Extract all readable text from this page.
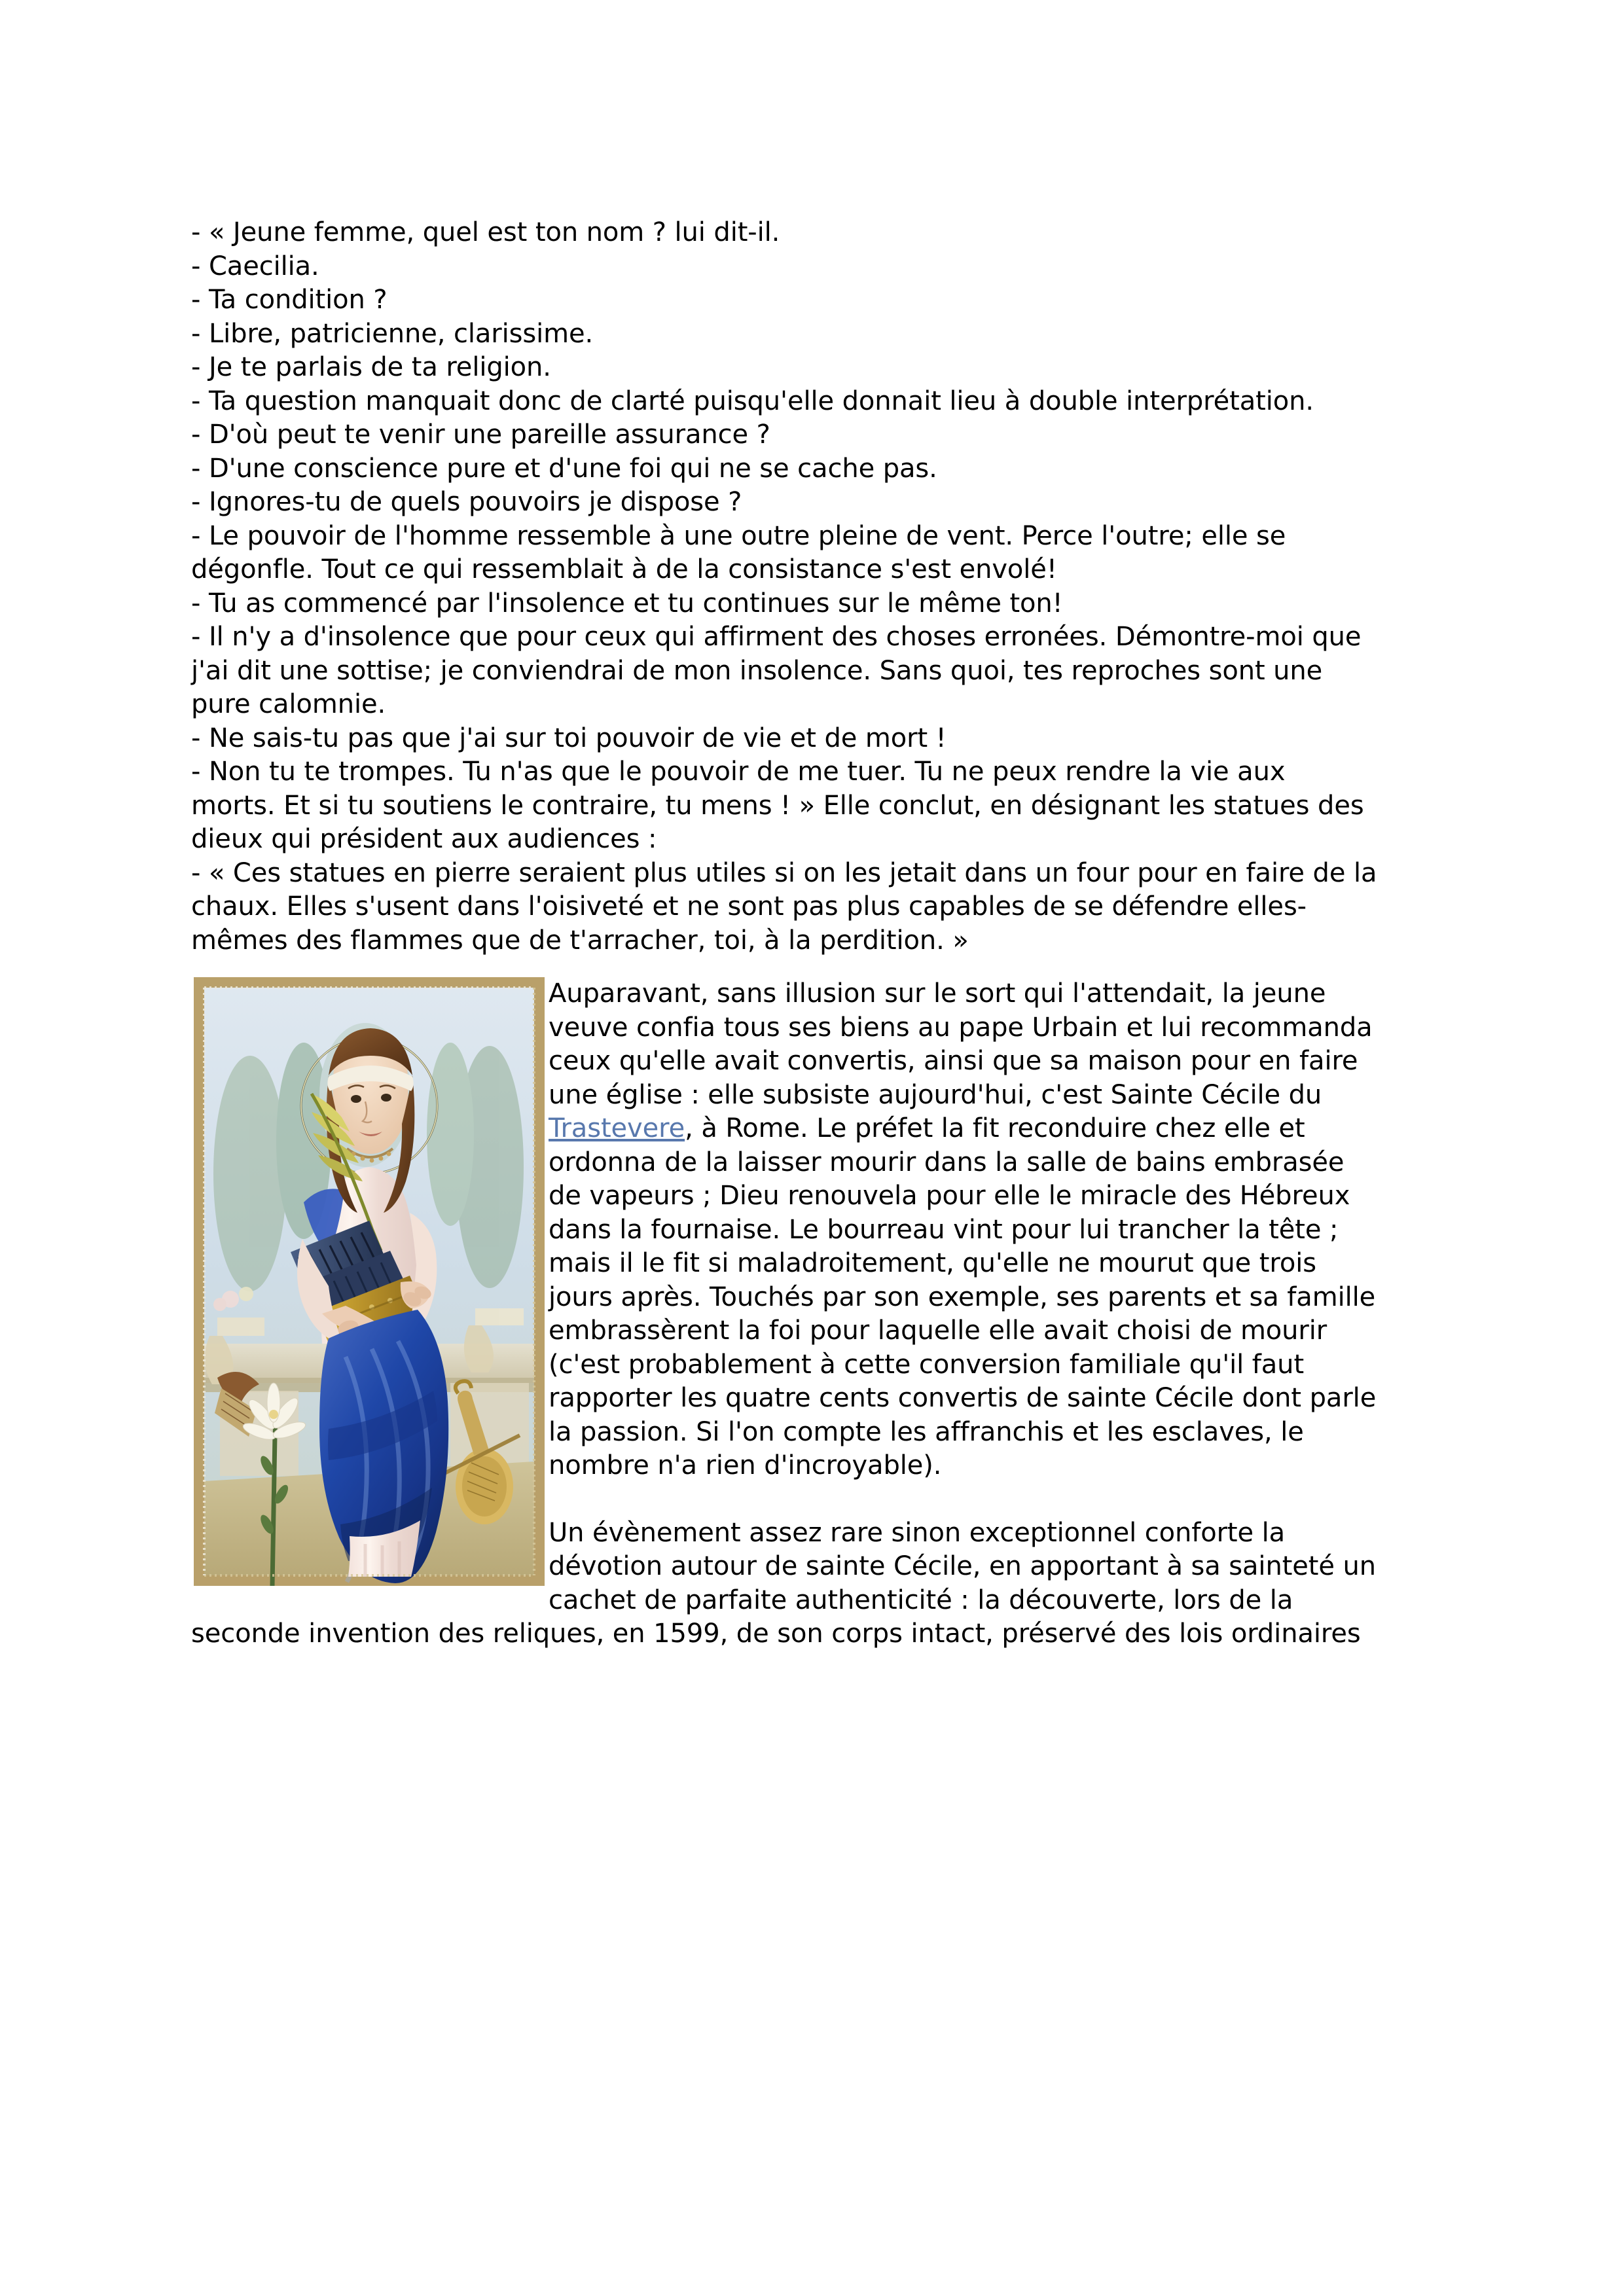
- « Jeune femme, quel est ton nom ? lui dit-il.

- Caecilia.

- Ta condition ?

- Libre, patricienne, clarissime.

- Je te parlais de ta religion.

- Ta question manquait donc de clarté puisqu'elle donnait lieu à double interprétation.

- D'où peut te venir une pareille assurance ?

- D'une conscience pure et d'une foi qui ne se cache pas.

- Ignores-tu de quels pouvoirs je dispose ?

- Le pouvoir de l'homme ressemble à une outre pleine de vent. Perce l'outre; elle se dégonfle. Tout ce qui ressemblait à de la consistance s'est envolé!

- Tu as commencé par l'insolence et tu continues sur le même ton!

- Il n'y a d'insolence que pour ceux qui affirment des choses erronées. Démontre-moi que j'ai dit une sottise; je conviendrai de mon insolence. Sans quoi, tes reproches sont une pure calomnie.

- Ne sais-tu pas que j'ai sur toi pouvoir de vie et de mort !

- Non tu te trompes. Tu n'as que le pouvoir de me tuer. Tu ne peux rendre la vie aux morts. Et si tu soutiens le contraire, tu mens ! » Elle conclut, en désignant les statues des dieux qui président aux audiences :

- « Ces statues en pierre seraient plus utiles si on les jetait dans un four pour en faire de la chaux. Elles s'usent dans l'oisiveté et ne sont pas plus capables de se défendre elles-mêmes des flammes que de t'arracher, toi, à la perdition. »

Auparavant, sans illusion sur le sort qui l'attendait, la jeune veuve confia tous ses biens au pape Urbain et lui recommanda ceux qu'elle avait convertis, ainsi que sa maison pour en faire une église : elle subsiste aujourd'hui, c'est Sainte Cécile du Trastevere, à Rome. Le préfet la fit reconduire chez elle et ordonna de la laisser mourir dans la salle de bains embrasée de vapeurs ; Dieu renouvela pour elle le miracle des Hébreux dans la fournaise. Le bourreau vint pour lui trancher la tête ; mais il le fit si maladroitement, qu'elle ne mourut que trois jours après. Touchés par son exemple, ses parents et sa famille embrassèrent la foi pour laquelle elle avait choisi de mourir (c'est probablement à cette conversion familiale qu'il faut rapporter les quatre cents convertis de sainte Cécile dont parle la passion. Si l'on compte les affranchis et les esclaves, le nombre n'a rien d'incroyable).

Un évènement assez rare sinon exceptionnel conforte la dévotion autour de sainte Cécile, en apportant à sa sainteté un cachet de parfaite authenticité : la découverte, lors de la seconde invention des reliques, en 1599, de son corps intact, préservé des lois ordinaires
